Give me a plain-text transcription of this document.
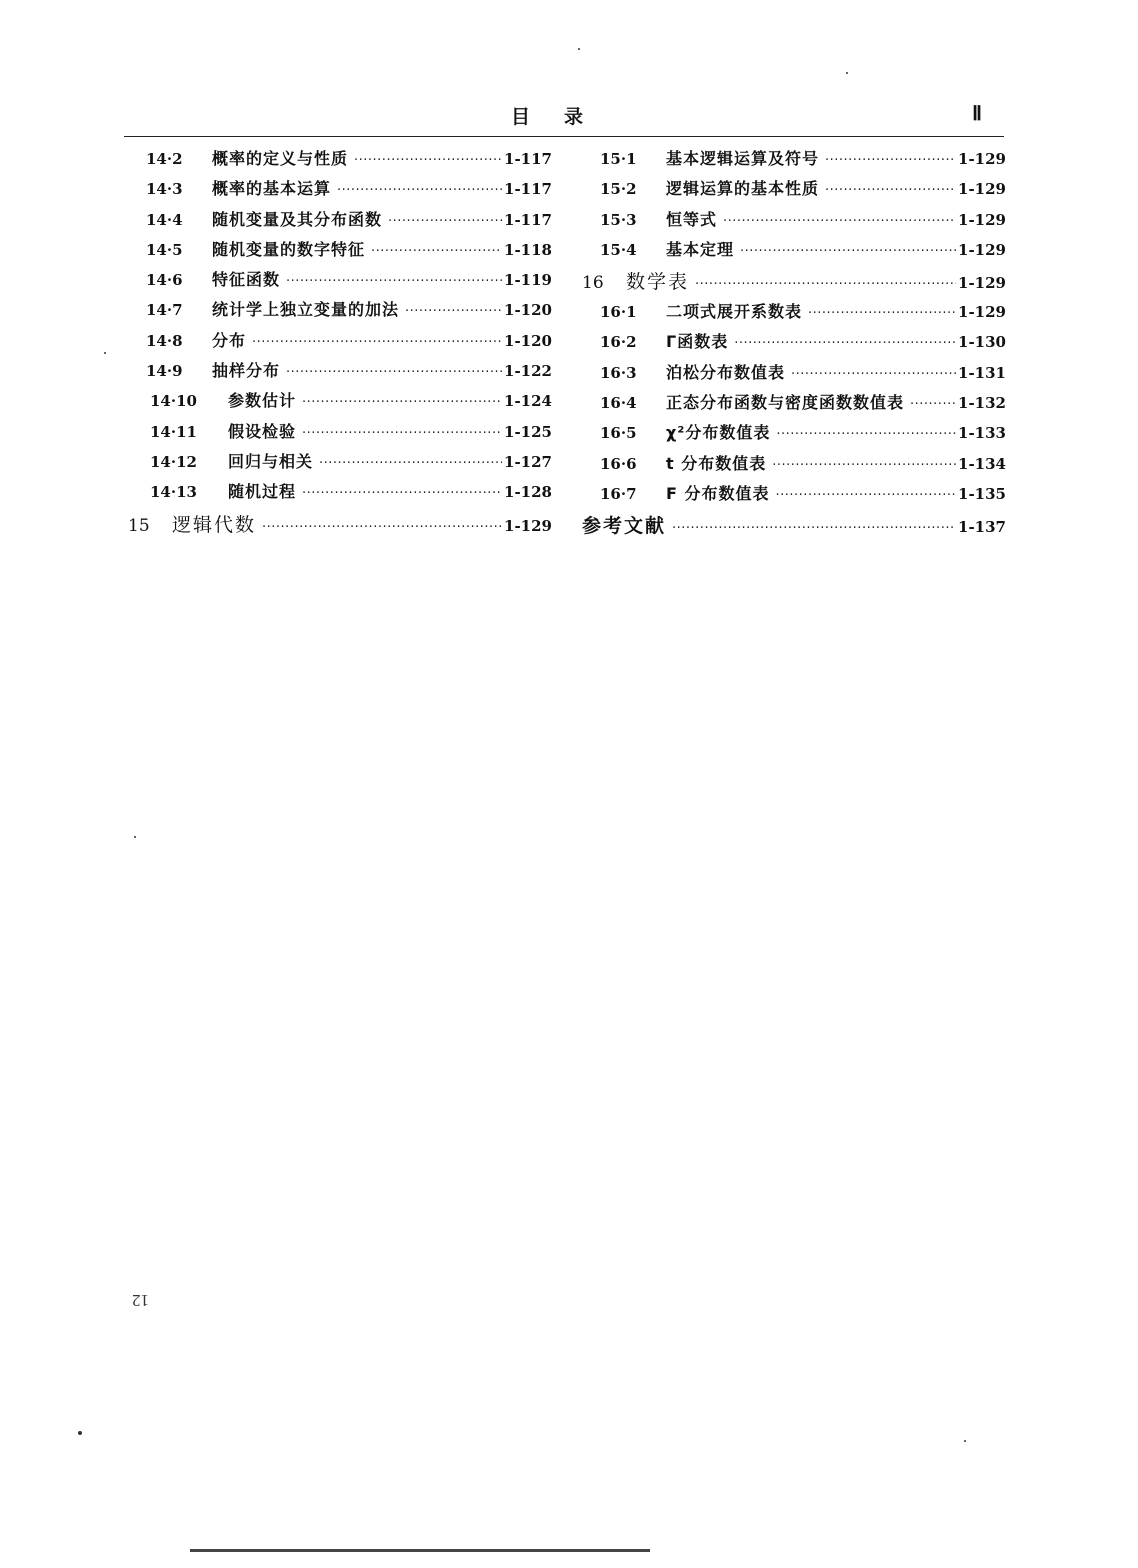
目录	Ⅱ
14·2	概率的定义与性质 ·····	1-117
14·3	概率的基本运算 ·····	1-117
14·4	随机变量及其分布函数 ·····	1-117
14·5	随机变量的数字特征 ·····	1-118
14·6	特征函数 ·····	1-119
14·7	统计学上独立变量的加法 ·····	1-120
14·8	分布 ·····	1-120
14·9	抽样分布 ·····	1-122
14·10	参数估计 ·····	1-124
14·11	假设检验 ·····	1-125
14·12	回归与相关 ·····	1-127
14·13	随机过程 ·····	1-128
15	逻辑代数 ·····	1-129
15·1	基本逻辑运算及符号 ·····	1-129
15·2	逻辑运算的基本性质 ·····	1-129
15·3	恒等式 ·····	1-129
15·4	基本定理 ·····	1-129
16	数学表 ·····	1-129
16·1	二项式展开系数表 ·····	1-129
16·2	Γ函数表 ·····	1-130
16·3	泊松分布数值表 ·····	1-131
16·4	正态分布函数与密度函数数值表 ·····	1-132
16·5	χ²分布数值表 ·····	1-133
16·6	t 分布数值表 ·····	1-134
16·7	F 分布数值表 ·····	1-135
参考文献 ·····	1-137
12
